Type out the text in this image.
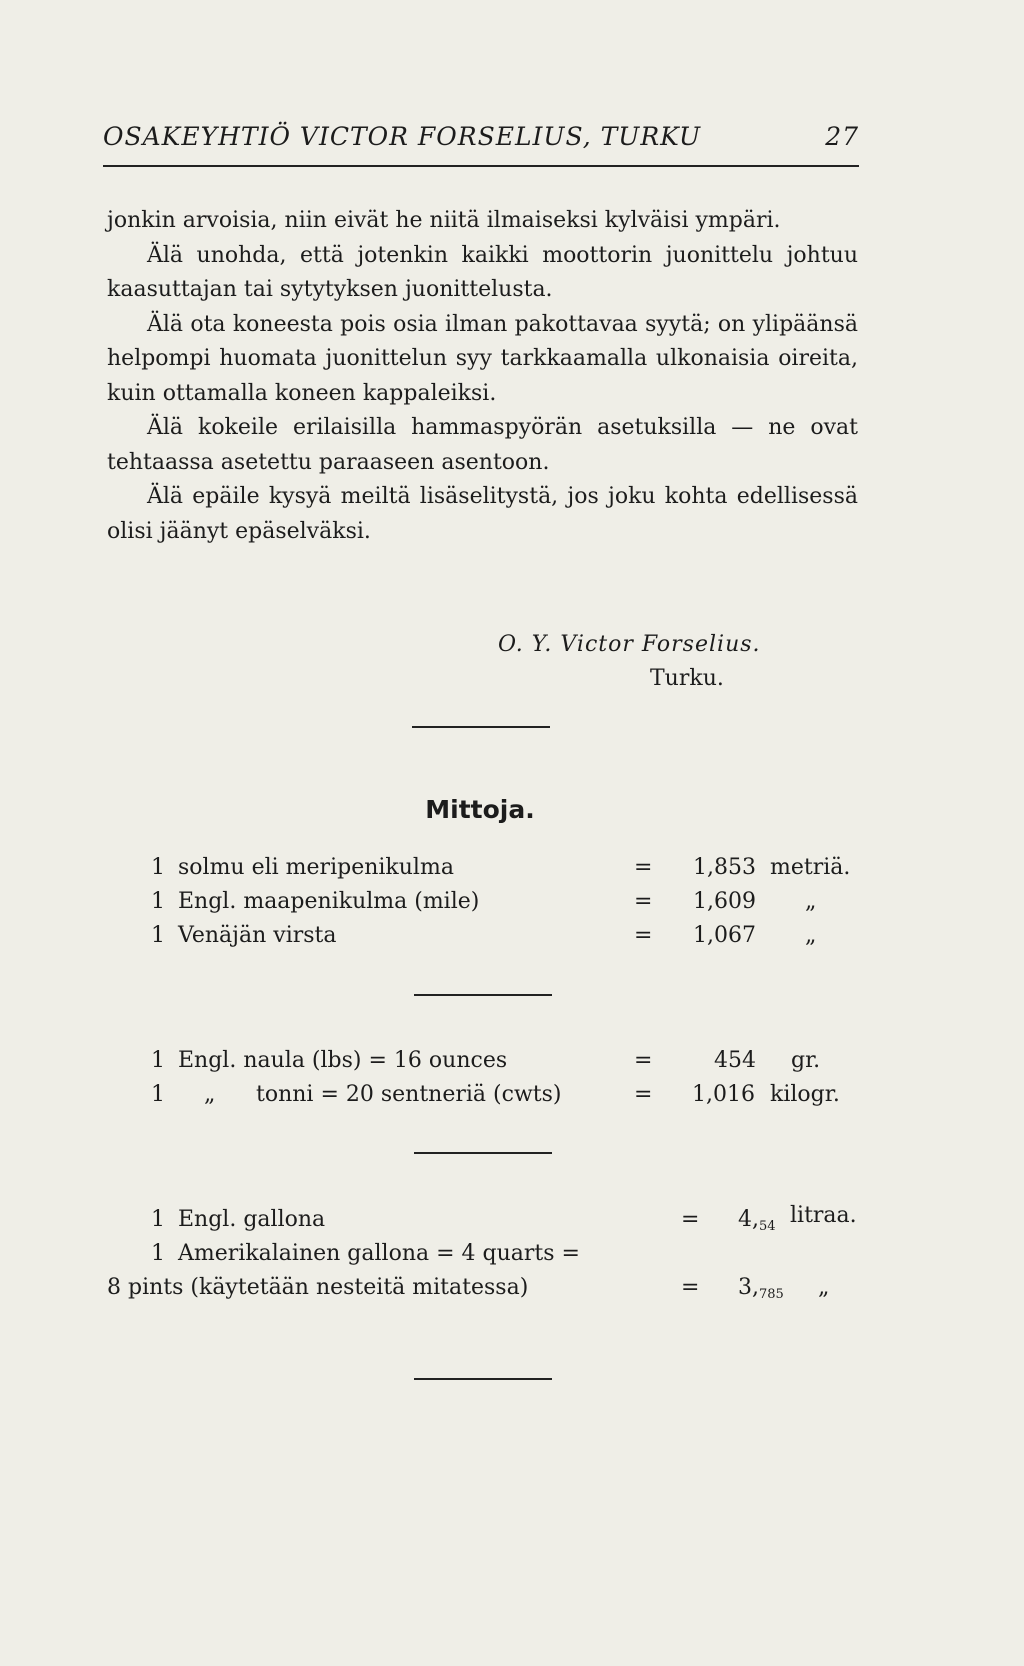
OSAKEYHTIÖ VICTOR FORSELIUS, TURKU	27

jonkin arvoisia, niin eivät he niitä ilmaiseksi kylväisi ympäri.

Älä unohda, että jotenkin kaikki moottorin juonittelu johtuu kaasuttajan tai sytytyksen juonittelusta.

Älä ota koneesta pois osia ilman pakottavaa syytä; on ylipäänsä helpompi huomata juonittelun syy tarkkaamalla ulkonaisia oireita, kuin ottamalla koneen kappaleiksi.

Älä kokeile erilaisilla hammaspyörän asetuksilla — ne ovat tehtaassa asetettu paraaseen asentoon.

Älä epäile kysyä meiltä lisäselitystä, jos joku kohta edellisessä olisi jäänyt epäselväksi.

O. Y. Victor Forselius.
Turku.
Mittoja.
1 solmu eli meripenikulma	= 1,853 metriä.
1 Engl. maapenikulma (mile)	= 1,609 „
1 Venäjän virsta	= 1,067 „
1 Engl. naula (lbs) = 16 ounces	=	454 gr.
1 „ tonni = 20 sentneriä (cwts)	= 1,016 kilogr.
1 Engl. gallona	= $4,_{54}$ litraa.
1 Amerikalainen gallona = 4 quarts =
8 pints (käytetään nesteitä mitatessa)	= $3,_{785}$ „
